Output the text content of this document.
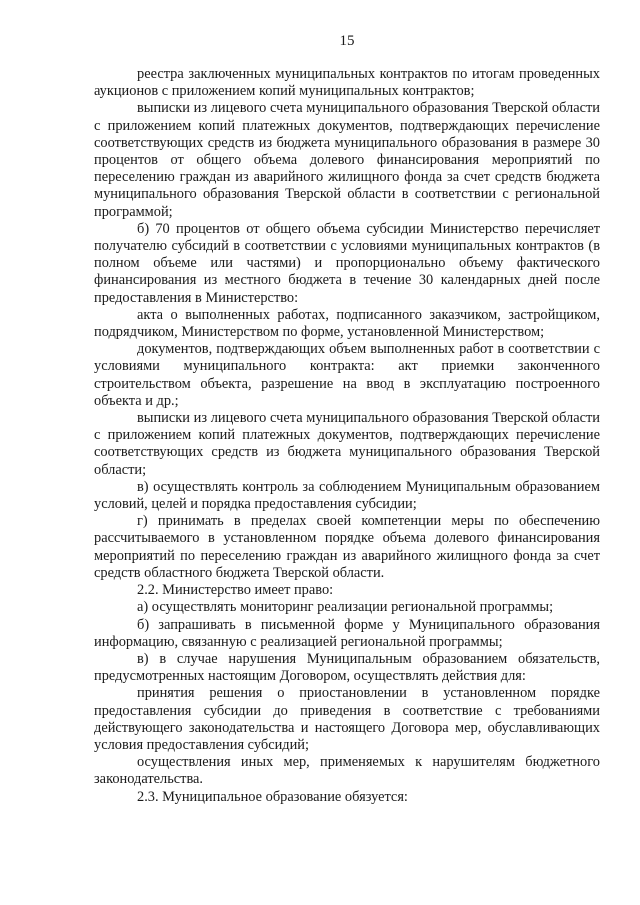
15

реестра заключенных муниципальных контрактов по итогам проведенных аукционов с приложением копий муниципальных контрактов;

выписки из лицевого счета муниципального образования Тверской области с приложением копий платежных документов, подтверждающих перечисление соответствующих средств из бюджета муниципального образования в размере 30 процентов от общего объема долевого финансирования мероприятий по переселению граждан из аварийного жилищного фонда за счет средств бюджета муниципального образования Тверской области в соответствии с региональной программой;

б) 70 процентов от общего объема субсидии Министерство перечисляет получателю субсидий в соответствии с условиями муниципальных контрактов (в полном объеме или частями) и пропорционально объему фактического финансирования из местного бюджета в течение 30 календарных дней после предоставления в Министерство:

акта о выполненных работах, подписанного заказчиком, застройщиком, подрядчиком, Министерством по форме, установленной Министерством;

документов, подтверждающих объем выполненных работ в соответствии с условиями муниципального контракта: акт приемки законченного строительством объекта, разрешение на ввод в эксплуатацию построенного объекта и др.;

выписки из лицевого счета муниципального образования Тверской области с приложением копий платежных документов, подтверждающих перечисление соответствующих средств из бюджета муниципального образования Тверской области;

в) осуществлять контроль за соблюдением Муниципальным образованием условий, целей и порядка предоставления субсидии;

г) принимать в пределах своей компетенции меры по обеспечению рассчитываемого в установленном порядке объема долевого финансирования мероприятий по переселению граждан из аварийного жилищного фонда за счет средств областного бюджета Тверской области.

2.2. Министерство имеет право:

а) осуществлять мониторинг реализации региональной программы;

б) запрашивать в письменной форме у Муниципального образования информацию, связанную с реализацией региональной программы;

в) в случае нарушения Муниципальным образованием обязательств, предусмотренных настоящим Договором, осуществлять действия для:

принятия решения о приостановлении в установленном порядке предоставления субсидии до приведения в соответствие с требованиями действующего законодательства и настоящего Договора мер, обуславливающих условия предоставления субсидий;

осуществления иных мер, применяемых к нарушителям бюджетного законодательства.

2.3. Муниципальное образование обязуется:
